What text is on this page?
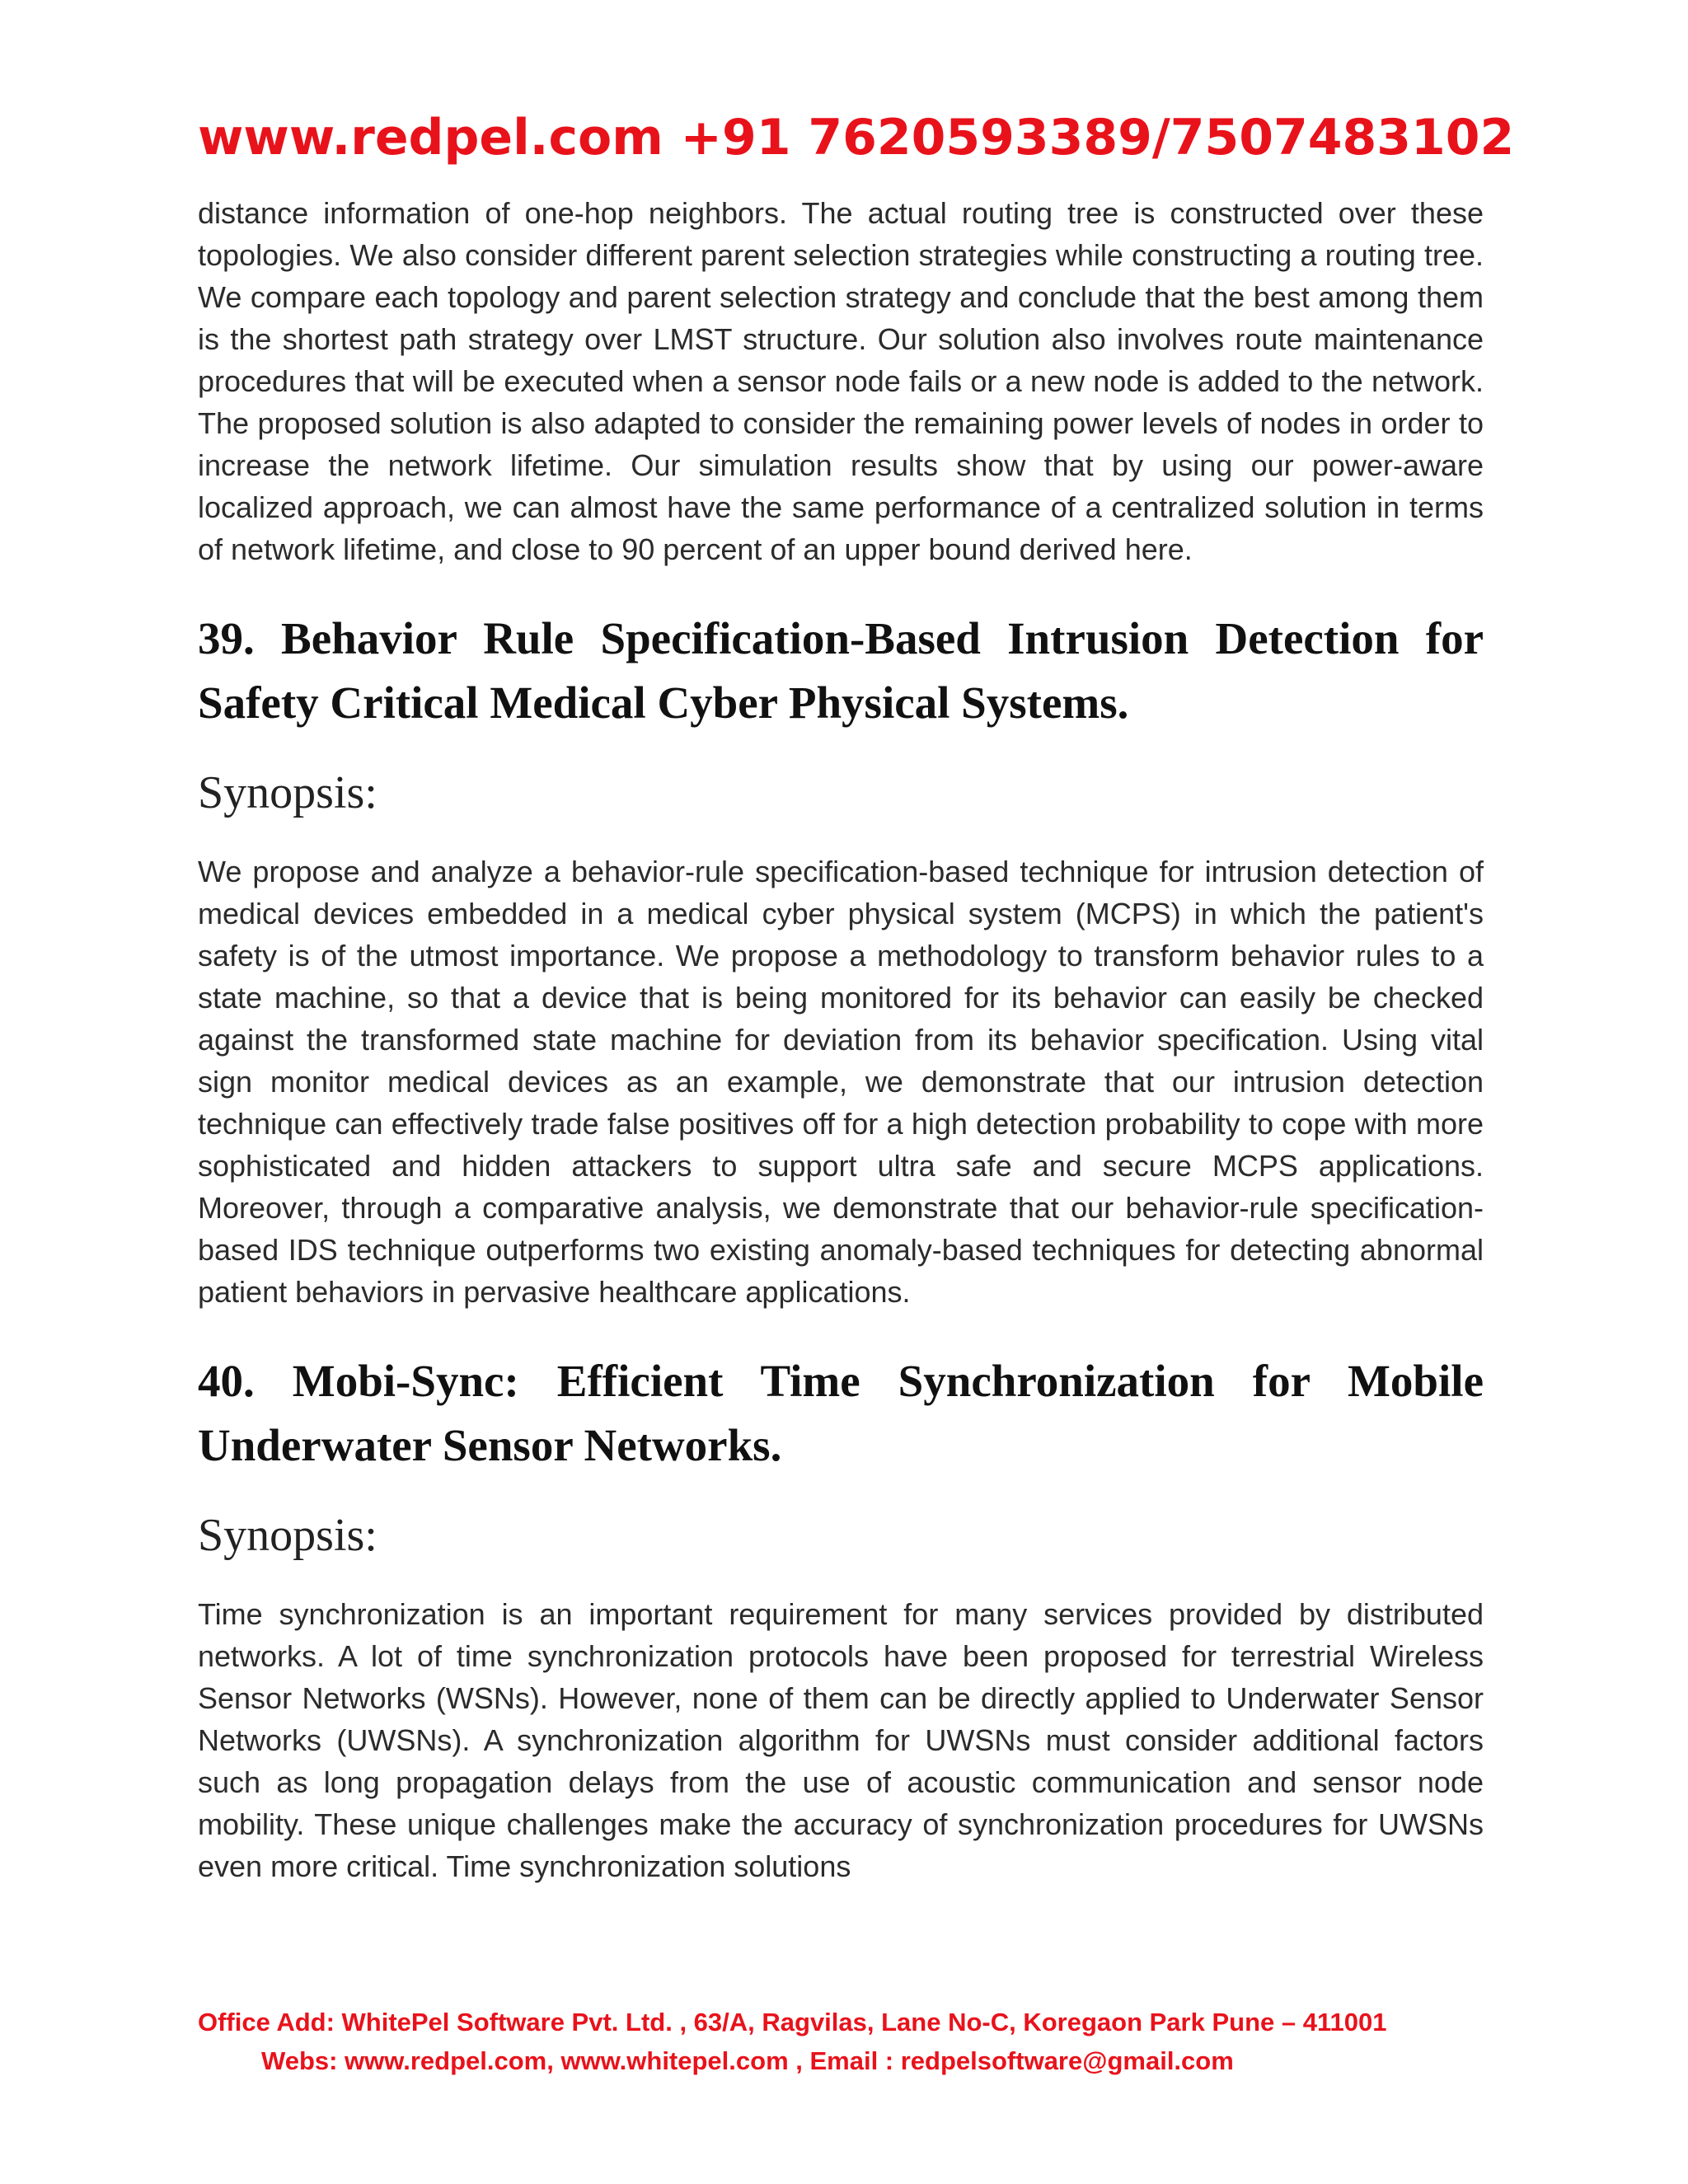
www.redpel.com +91 7620593389/7507483102

distance information of one-hop neighbors. The actual routing tree is constructed over these topologies. We also consider different parent selection strategies while constructing a routing tree. We compare each topology and parent selection strategy and conclude that the best among them is the shortest path strategy over LMST structure. Our solution also involves route maintenance procedures that will be executed when a sensor node fails or a new node is added to the network. The proposed solution is also adapted to consider the remaining power levels of nodes in order to increase the network lifetime. Our simulation results show that by using our power-aware localized approach, we can almost have the same performance of a centralized solution in terms of network lifetime, and close to 90 percent of an upper bound derived here.

39. Behavior Rule Specification-Based Intrusion Detection for Safety Critical Medical Cyber Physical Systems.

Synopsis:

We propose and analyze a behavior-rule specification-based technique for intrusion detection of medical devices embedded in a medical cyber physical system (MCPS) in which the patient's safety is of the utmost importance. We propose a methodology to transform behavior rules to a state machine, so that a device that is being monitored for its behavior can easily be checked against the transformed state machine for deviation from its behavior specification. Using vital sign monitor medical devices as an example, we demonstrate that our intrusion detection technique can effectively trade false positives off for a high detection probability to cope with more sophisticated and hidden attackers to support ultra safe and secure MCPS applications. Moreover, through a comparative analysis, we demonstrate that our behavior-rule specification-based IDS technique outperforms two existing anomaly-based techniques for detecting abnormal patient behaviors in pervasive healthcare applications.

40. Mobi-Sync: Efficient Time Synchronization for Mobile Underwater Sensor Networks.

Synopsis:

Time synchronization is an important requirement for many services provided by distributed networks. A lot of time synchronization protocols have been proposed for terrestrial Wireless Sensor Networks (WSNs). However, none of them can be directly applied to Underwater Sensor Networks (UWSNs). A synchronization algorithm for UWSNs must consider additional factors such as long propagation delays from the use of acoustic communication and sensor node mobility. These unique challenges make the accuracy of synchronization procedures for UWSNs even more critical. Time synchronization solutions

Office Add: WhitePel Software Pvt. Ltd. , 63/A, Ragvilas, Lane No-C, Koregaon Park Pune – 411001
Webs: www.redpel.com, www.whitepel.com , Email : redpelsoftware@gmail.com
